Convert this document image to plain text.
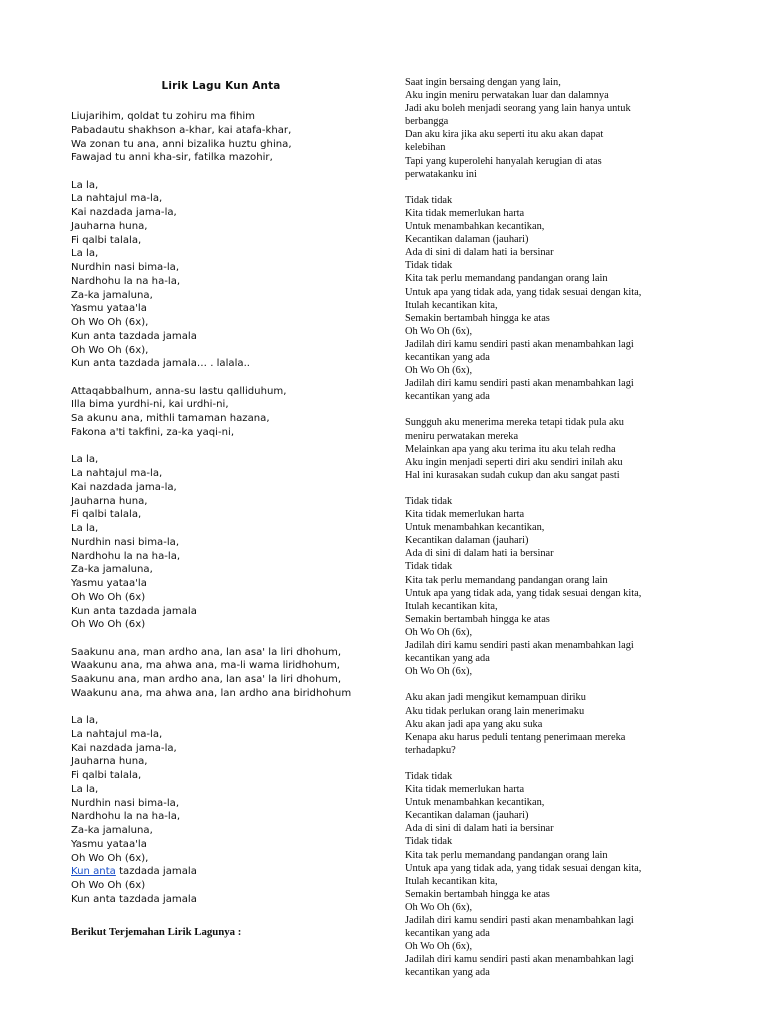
Lirik Lagu Kun Anta
Liujarihim, qoldat tu zohiru ma fihim
Pabadautu shakhson a-khar, kai atafa-khar,
Wa zonan tu ana, anni bizalika huztu ghina,
Fawajad tu anni kha-sir, fatilka mazohir,
La la,
La nahtajul ma-la,
Kai nazdada jama-la,
Jauharna huna,
Fi qalbi talala,
La la,
Nurdhin nasi bima-la,
Nardhohu la na ha-la,
Za-ka jamaluna,
Yasmu yataa'la
Oh Wo Oh (6x),
Kun anta tazdada jamala
Oh Wo Oh (6x),
Kun anta tazdada jamala… . lalala..
Attaqabbalhum, anna-su lastu qalliduhum,
Illa bima yurdhi-ni, kai urdhi-ni,
Sa akunu ana, mithli tamaman hazana,
Fakona a'ti takfini, za-ka yaqi-ni,
La la,
La nahtajul ma-la,
Kai nazdada jama-la,
Jauharna huna,
Fi qalbi talala,
La la,
Nurdhin nasi bima-la,
Nardhohu la na ha-la,
Za-ka jamaluna,
Yasmu yataa'la
Oh Wo Oh (6x)
Kun anta tazdada jamala
Oh Wo Oh (6x)
Saakunu ana, man ardho ana, lan asa' la liri dhohum,
Waakunu ana, ma ahwa ana, ma-li wama liridhohum,
Saakunu ana, man ardho ana, lan asa' la liri dhohum,
Waakunu ana, ma ahwa ana, lan ardho ana biridhohum
La la,
La nahtajul ma-la,
Kai nazdada jama-la,
Jauharna huna,
Fi qalbi talala,
La la,
Nurdhin nasi bima-la,
Nardhohu la na ha-la,
Za-ka jamaluna,
Yasmu yataa'la
Oh Wo Oh (6x),
Kun anta tazdada jamala
Oh Wo Oh (6x)
Kun anta tazdada jamala
Berikut Terjemahan Lirik Lagunya :
Saat ingin bersaing dengan yang lain,
Aku ingin meniru perwatakan luar dan dalamnya
Jadi aku boleh menjadi seorang yang lain hanya untuk
berbangga
Dan aku kira jika aku seperti itu aku akan dapat
kelebihan
Tapi yang kuperolehi hanyalah kerugian di atas
perwatakanku ini
Tidak tidak
Kita tidak memerlukan harta
Untuk menambahkan kecantikan,
Kecantikan dalaman (jauhari)
Ada di sini di dalam hati ia bersinar
Tidak tidak
Kita tak perlu memandang pandangan orang lain
Untuk apa yang tidak ada, yang tidak sesuai dengan kita,
Itulah kecantikan kita,
Semakin bertambah hingga ke atas
Oh Wo Oh (6x),
Jadilah diri kamu sendiri pasti akan menambahkan lagi
kecantikan yang ada
Oh Wo Oh (6x),
Jadilah diri kamu sendiri pasti akan menambahkan lagi
kecantikan yang ada
Sungguh aku menerima mereka tetapi tidak pula aku
meniru perwatakan mereka
Melainkan apa yang aku terima itu aku telah redha
Aku ingin menjadi seperti diri aku sendiri inilah aku
Hal ini kurasakan sudah cukup dan aku sangat pasti
Tidak tidak
Kita tidak memerlukan harta
Untuk menambahkan kecantikan,
Kecantikan dalaman (jauhari)
Ada di sini di dalam hati ia bersinar
Tidak tidak
Kita tak perlu memandang pandangan orang lain
Untuk apa yang tidak ada, yang tidak sesuai dengan kita,
Itulah kecantikan kita,
Semakin bertambah hingga ke atas
Oh Wo Oh (6x),
Jadilah diri kamu sendiri pasti akan menambahkan lagi
kecantikan yang ada
Oh Wo Oh (6x),
Aku akan jadi mengikut kemampuan diriku
Aku tidak perlukan orang lain menerimaku
Aku akan jadi apa yang aku suka
Kenapa aku harus peduli tentang penerimaan mereka
terhadapku?
Tidak tidak
Kita tidak memerlukan harta
Untuk menambahkan kecantikan,
Kecantikan dalaman (jauhari)
Ada di sini di dalam hati ia bersinar
Tidak tidak
Kita tak perlu memandang pandangan orang lain
Untuk apa yang tidak ada, yang tidak sesuai dengan kita,
Itulah kecantikan kita,
Semakin bertambah hingga ke atas
Oh Wo Oh (6x),
Jadilah diri kamu sendiri pasti akan menambahkan lagi
kecantikan yang ada
Oh Wo Oh (6x),
Jadilah diri kamu sendiri pasti akan menambahkan lagi
kecantikan yang ada
